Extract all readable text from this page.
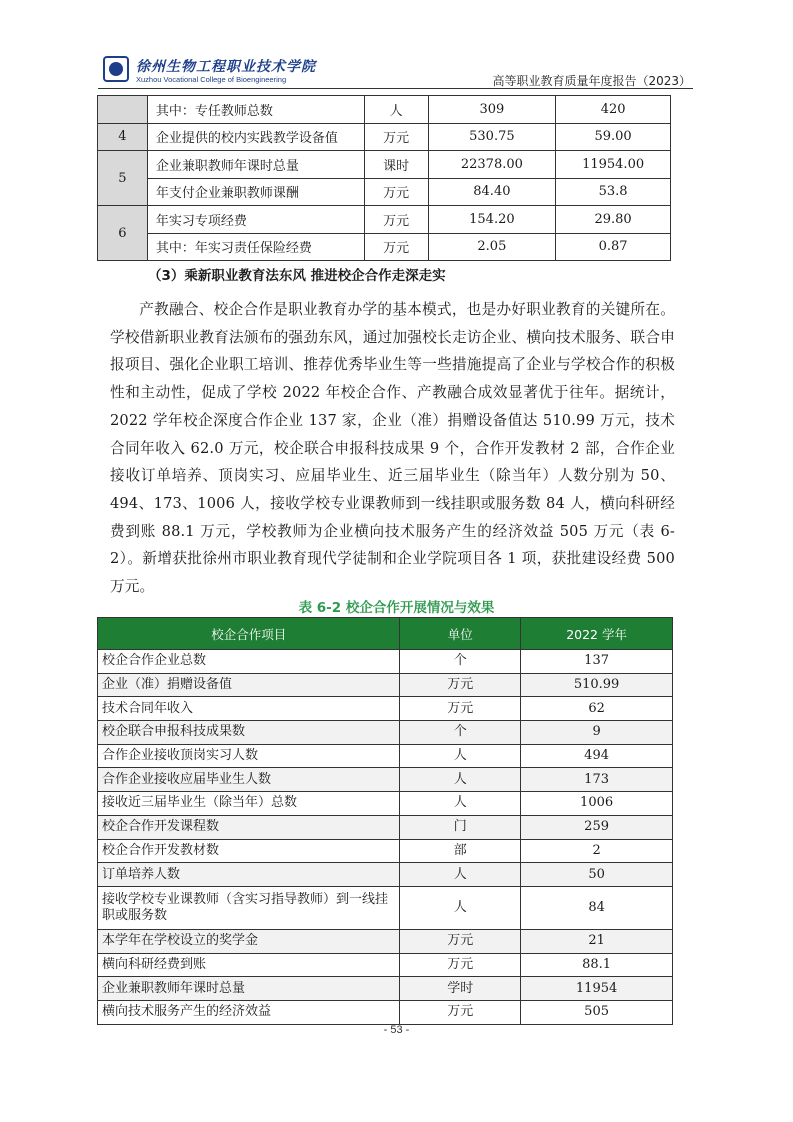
徐州生物工程职业技术学院
Xuzhou Vocational College of Bioengineering	高等职业教育质量年度报告（2023）
	其中：专任教师总数	人	309	420
4	企业提供的校内实践教学设备值	万元	530.75	59.00
5	企业兼职教师年课时总量	课时	22378.00	11954.00
	年支付企业兼职教师课酬	万元	84.40	53.8
6	年实习专项经费	万元	154.20	29.80
	其中：年实习责任保险经费	万元	2.05	0.87
（3）乘新职业教育法东风 推进校企合作走深走实

产教融合、校企合作是职业教育办学的基本模式，也是办好职业教育的关键所在。学校借新职业教育法颁布的强劲东风，通过加强校长走访企业、横向技术服务、联合申报项目、强化企业职工培训、推荐优秀毕业生等一些措施提高了企业与学校合作的积极性和主动性，促成了学校 2022 年校企合作、产教融合成效显著优于往年。据统计，2022 学年校企深度合作企业 137 家，企业（准）捐赠设备值达 510.99 万元，技术合同年收入 62.0 万元，校企联合申报科技成果 9 个，合作开发教材 2 部，合作企业接收订单培养、顶岗实习、应届毕业生、近三届毕业生（除当年）人数分别为 50、494、173、1006 人，接收学校专业课教师到一线挂职或服务数 84 人，横向科研经费到账 88.1 万元，学校教师为企业横向技术服务产生的经济效益 505 万元（表 6-2）。新增获批徐州市职业教育现代学徒制和企业学院项目各 1 项，获批建设经费 500 万元。

表 6-2 校企合作开展情况与效果
校企合作项目	单位	2022 学年
校企合作企业总数	个	137
企业（准）捐赠设备值	万元	510.99
技术合同年收入	万元	62
校企联合申报科技成果数	个	9
合作企业接收顶岗实习人数	人	494
合作企业接收应届毕业生人数	人	173
接收近三届毕业生（除当年）总数	人	1006
校企合作开发课程数	门	259
校企合作开发教材数	部	2
订单培养人数	人	50
接收学校专业课教师（含实习指导教师）到一线挂职或服务数	人	84
本学年在学校设立的奖学金	万元	21
横向科研经费到账	万元	88.1
企业兼职教师年课时总量	学时	11954
横向技术服务产生的经济效益	万元	505
- 53 -
